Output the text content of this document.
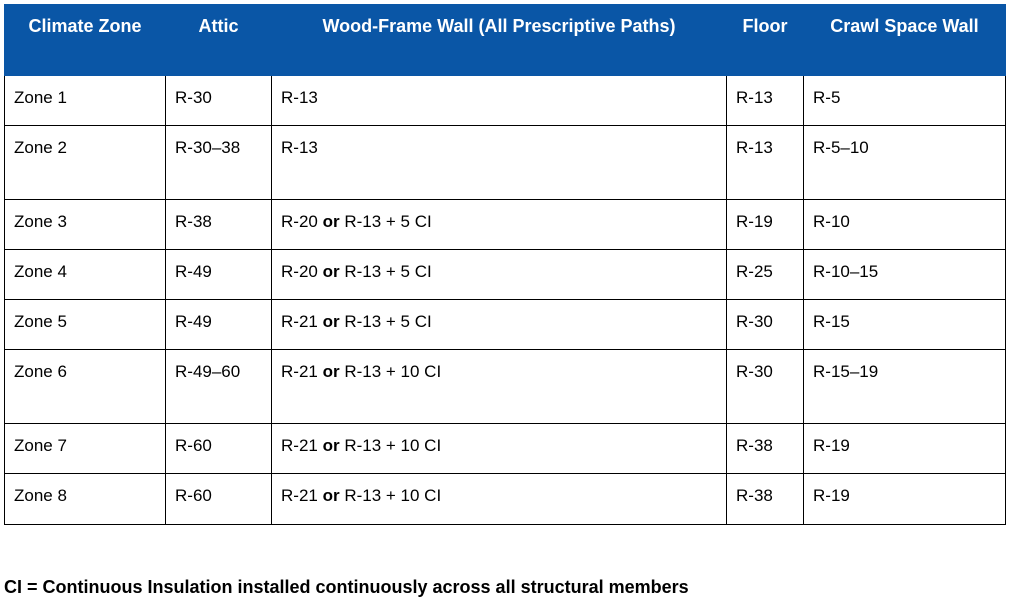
Climate Zone	Attic	Wood-Frame Wall (All Prescriptive Paths)	Floor	Crawl Space Wall
Zone 1	R-30	R-13	R-13	R-5
Zone 2	R-30–38	R-13	R-13	R-5–10
Zone 3	R-38	R-20 or R-13 + 5 CI	R-19	R-10
Zone 4	R-49	R-20 or R-13 + 5 CI	R-25	R-10–15
Zone 5	R-49	R-21 or R-13 + 5 CI	R-30	R-15
Zone 6	R-49–60	R-21 or R-13 + 10 CI	R-30	R-15–19
Zone 7	R-60	R-21 or R-13 + 10 CI	R-38	R-19
Zone 8	R-60	R-21 or R-13 + 10 CI	R-38	R-19
CI = Continuous Insulation installed continuously across all structural members
